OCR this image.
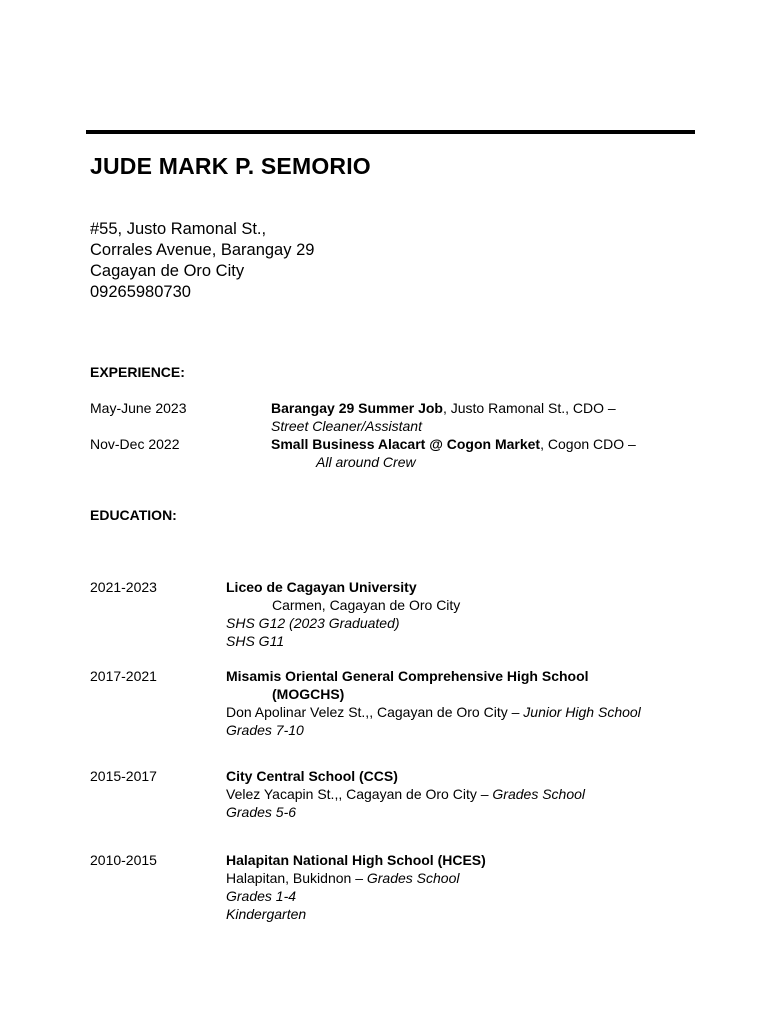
JUDE MARK P. SEMORIO
#55, Justo Ramonal St.,
Corrales Avenue, Barangay 29
Cagayan de Oro City
09265980730
EXPERIENCE:
May-June 2023	Barangay 29 Summer Job, Justo Ramonal St., CDO –
Street Cleaner/Assistant
Nov-Dec 2022	Small Business Alacart @ Cogon Market, Cogon CDO –
All around Crew
EDUCATION:
2021-2023	Liceo de Cagayan University
Carmen, Cagayan de Oro City
SHS G12 (2023 Graduated)
SHS G11
2017-2021	Misamis Oriental General Comprehensive High School
(MOGCHS)
Don Apolinar Velez St.,, Cagayan de Oro City – Junior High School
Grades 7-10
2015-2017	City Central School (CCS)
Velez Yacapin St.,, Cagayan de Oro City – Grades School
Grades 5-6
2010-2015	Halapitan National High School (HCES)
Halapitan, Bukidnon – Grades School
Grades 1-4
Kindergarten
